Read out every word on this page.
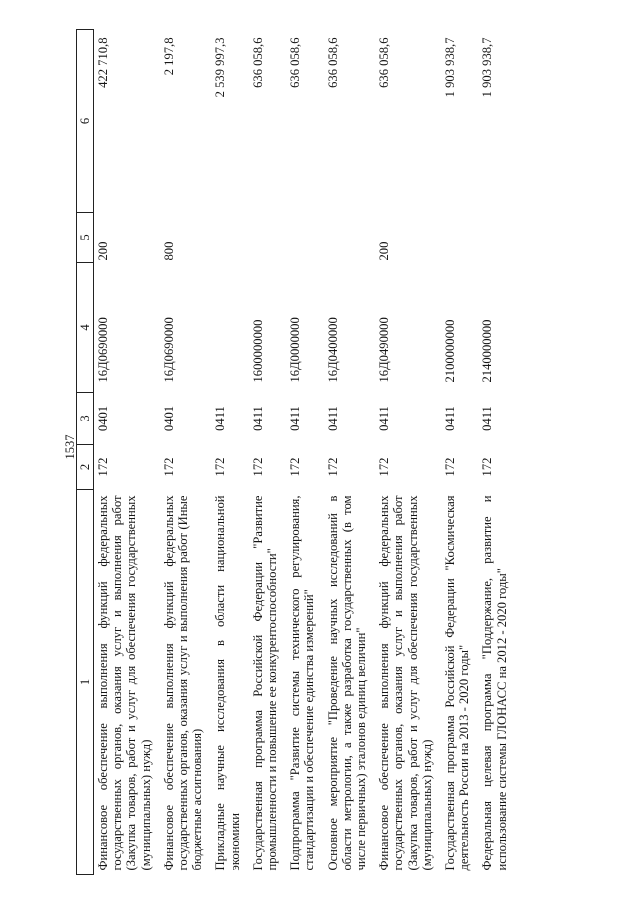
1537
1	2	3	4	5	6
Финансовое обеспечение выполнения функций федеральных государственных органов, оказания услуг и выполнения работ (Закупка товаров, работ и услуг для обеспечения государственных (муниципальных) нужд)	172	0401	16Д0690000	200	422 710,8
Финансовое обеспечение выполнения функций федеральных государственных органов, оказания услуг и выполнения работ (Иные бюджетные ассигнования)	172	0401	16Д0690000	800	2 197,8
Прикладные научные исследования в области национальной экономики	172	0411			2 539 997,3
Государственная программа Российской Федерации "Развитие промышленности и повышение ее конкурентоспособности"	172	0411	1600000000		636 058,6
Подпрограмма "Развитие системы технического регулирования, стандартизации и обеспечение единства измерений"	172	0411	16Д0000000		636 058,6
Основное мероприятие "Проведение научных исследований в области метрологии, а также разработка государственных (в том числе первичных) эталонов единиц величин"	172	0411	16Д0400000		636 058,6
Финансовое обеспечение выполнения функций федеральных государственных органов, оказания услуг и выполнения работ (Закупка товаров, работ и услуг для обеспечения государственных (муниципальных) нужд)	172	0411	16Д0490000	200	636 058,6
Государственная программа Российской Федерации "Космическая деятельность России на 2013 - 2020 годы"	172	0411	2100000000		1 903 938,7
Федеральная целевая программа "Поддержание, развитие и использование системы ГЛОНАСС на 2012 - 2020 годы"	172	0411	2140000000		1 903 938,7
